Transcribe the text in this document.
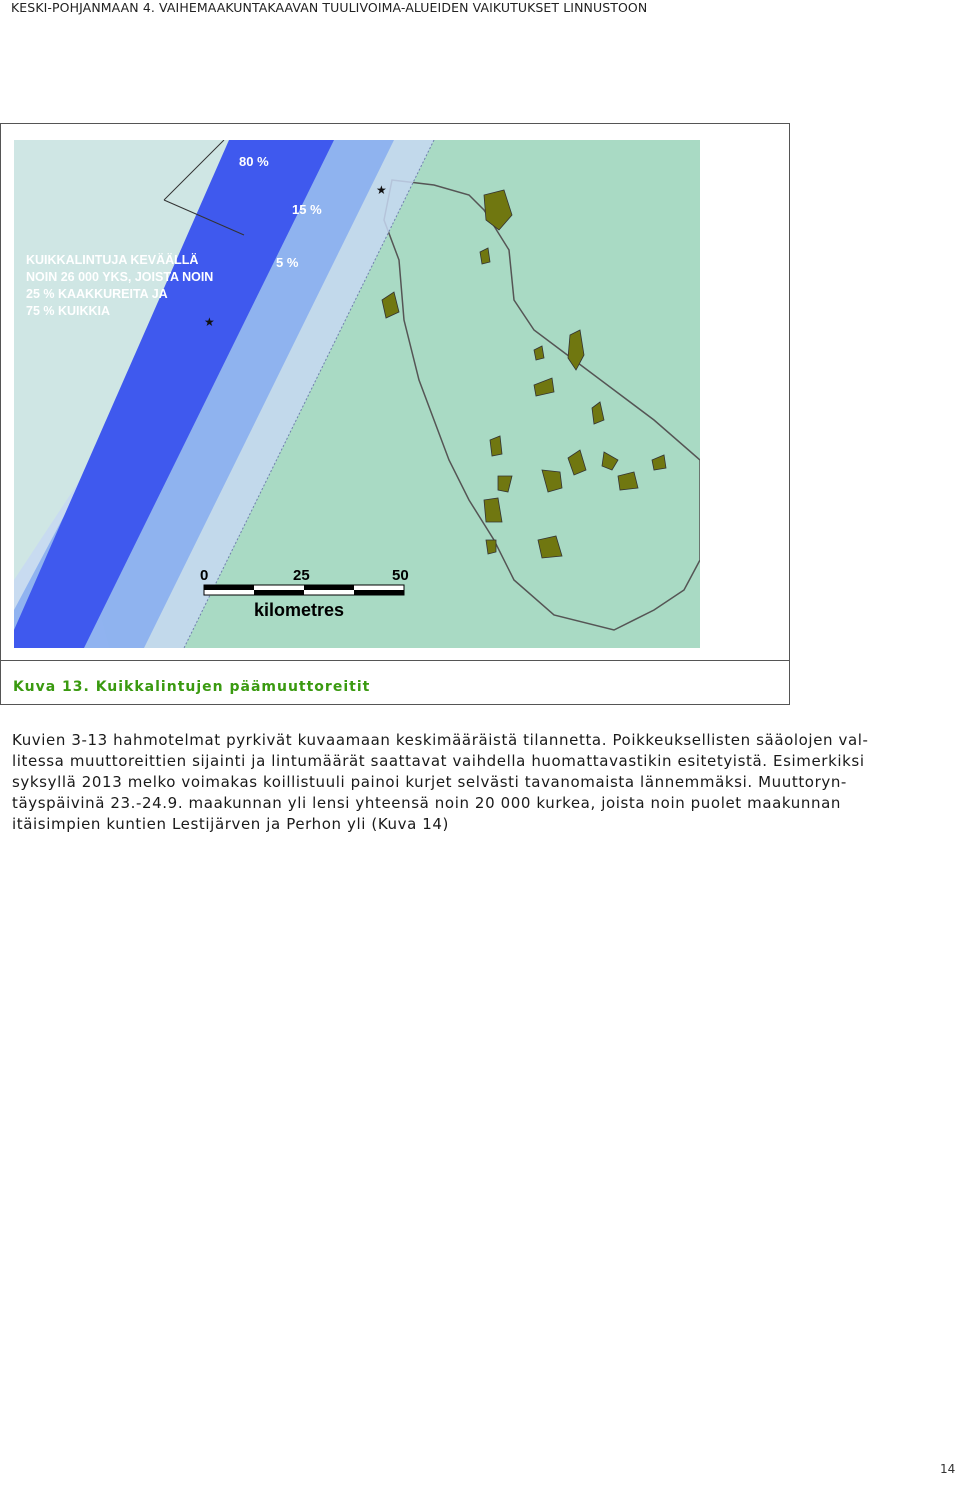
KESKI-POHJANMAAN 4. VAIHEMAAKUNTAKAAVAN TUULIVOIMA-ALUEIDEN VAIKUTUKSET LINNUSTOON
★
★
80 %
15 %
5 %
KUIKKALINTUJA KEVÄÄLLÄ
NOIN 26 000 YKS, JOISTA NOIN
25 % KAAKKUREITA JA
75 % KUIKKIA
0	25	50
kilometres
Kuva 13. Kuikkalintujen päämuuttoreitit
Kuvien 3-13 hahmotelmat pyrkivät kuvaamaan keskimääräistä tilannetta. Poikkeuksellisten sääolojen val-
litessa muuttoreittien sijainti ja lintumäärät saattavat vaihdella huomattavastikin esitetyistä. Esimerkiksi
syksyllä 2013 melko voimakas koillistuuli painoi kurjet selvästi tavanomaista lännemmäksi. Muuttoryn-
täyspäivinä 23.-24.9. maakunnan yli lensi yhteensä noin 20 000 kurkea, joista noin puolet maakunnan
itäisimpien kuntien Lestijärven ja Perhon yli (Kuva 14)
14
